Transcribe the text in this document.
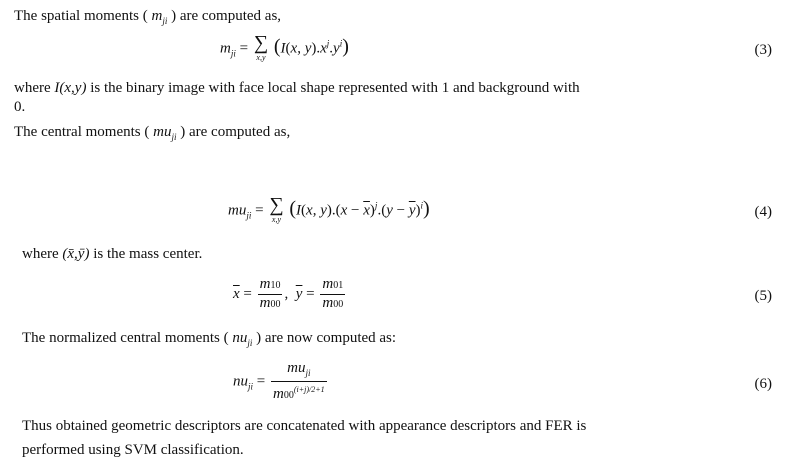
The spatial moments ( $m_{ji}$ ) are computed as,
$m_{ji}$ = ∑
x,y
(I(x, $y).x^j.y^i$)	(3)
where I(x,y) is the binary image with face local shape represented with 1 and background with
0.
The central moments ( $mu_{ji}$ ) are computed as,
$mu_{ji}$ = ∑
x,y
(I(x, $y).(x - \overline{x})^j.(y - \overline{y})^i$)	(4)
where (x̄,ȳ) is the mass center.
$\overline{x} = \frac{m10}{m00}$ ,  $\overline{y} = \frac{m01}{m00}$	(5)
The normalized central moments ( $nu_{ji}$ ) are now computed as:
$nu_{ji} = \frac{mu_{ji}}{m00^{(i+j)/2+1}}$	(6)
Thus obtained geometric descriptors are concatenated with appearance descriptors and FER is
performed using SVM classification.
